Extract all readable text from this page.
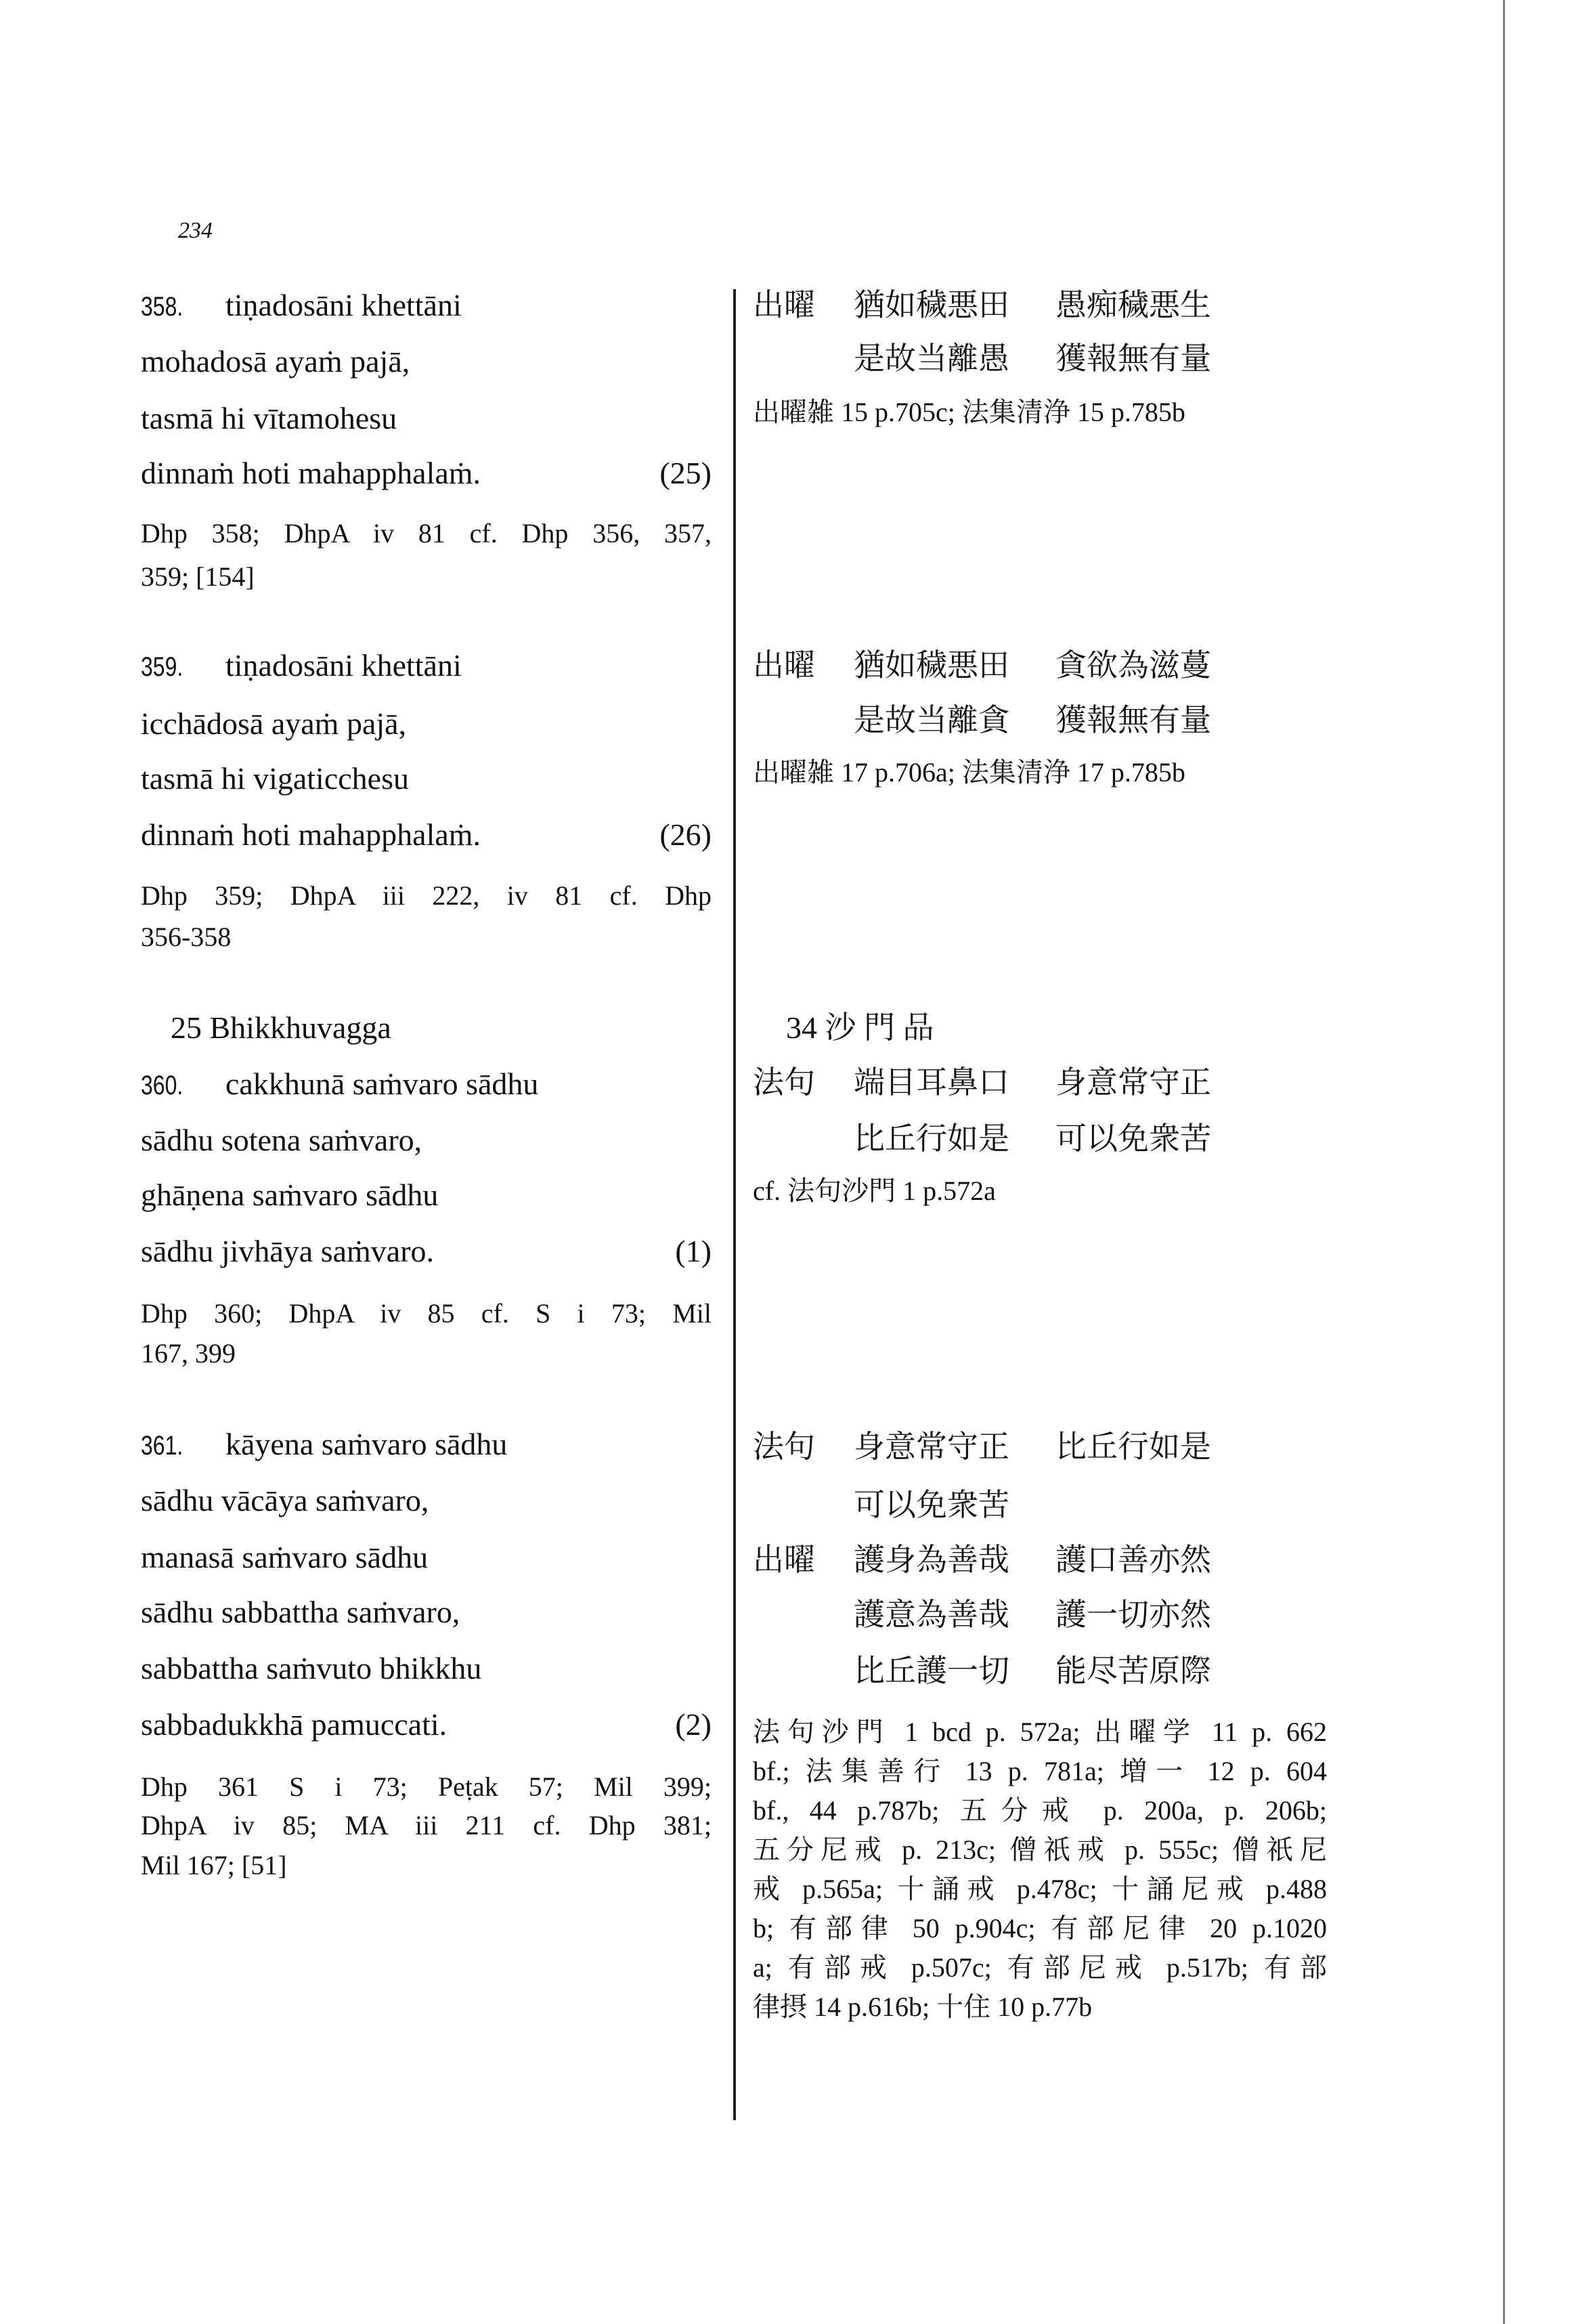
234
358.	tiṇadosāni khettāni
mohadosā ayaṁ pajā,
tasmā hi vītamohesu
dinnaṁ hoti mahapphalaṁ.	(25)
Dhp 358; DhpA iv 81 cf. Dhp 356, 357,
359; [154]
359.	tiṇadosāni khettāni
icchādosā ayaṁ pajā,
tasmā hi vigaticchesu
dinnaṁ hoti mahapphalaṁ.	(26)
Dhp 359; DhpA iii 222, iv 81 cf. Dhp
356-358
25 Bhikkhuvagga
360.	cakkhunā saṁvaro sādhu
sādhu sotena saṁvaro,
ghāṇena saṁvaro sādhu
sādhu jivhāya saṁvaro.	(1)
Dhp 360; DhpA iv 85 cf. S i 73; Mil
167, 399
361.	kāyena saṁvaro sādhu
sādhu vācāya saṁvaro,
manasā saṁvaro sādhu
sādhu sabbattha saṁvaro,
sabbattha saṁvuto bhikkhu
sabbadukkhā pamuccati.	(2)
Dhp 361 S i 73; Peṭak 57; Mil 399;
DhpA iv 85; MA iii 211 cf. Dhp 381;
Mil 167; [51]
出曜 猶如穢悪田 愚痴穢悪生
是故当離愚 獲報無有量
出曜雑 15 p.705c; 法集清浄 15 p.785b
出曜 猶如穢悪田 貪欲為滋蔓
是故当離貪 獲報無有量
出曜雑 17 p.706a; 法集清浄 17 p.785b
34 沙 門 品
法句 端目耳鼻口 身意常守正
比丘行如是 可以免衆苦
cf. 法句沙門 1 p.572a
法句 身意常守正 比丘行如是
可以免衆苦
出曜 護身為善哉 護口善亦然
護意為善哉 護一切亦然
比丘護一切 能尽苦原際
法句沙門 1 bcd p. 572a; 出曜学 11 p. 662
bf.; 法集善行 13 p. 781a; 増一 12 p. 604
bf., 44 p.787b; 五分戒 p. 200a, p. 206b;
五分尼戒 p. 213c; 僧祇戒 p. 555c; 僧祇尼
戒 p.565a; 十誦戒 p.478c; 十誦尼戒 p.488
b; 有部律 50 p.904c; 有部尼律 20 p.1020
a; 有部戒 p.507c; 有部尼戒 p.517b; 有部
律摂 14 p.616b; 十住 10 p.77b
